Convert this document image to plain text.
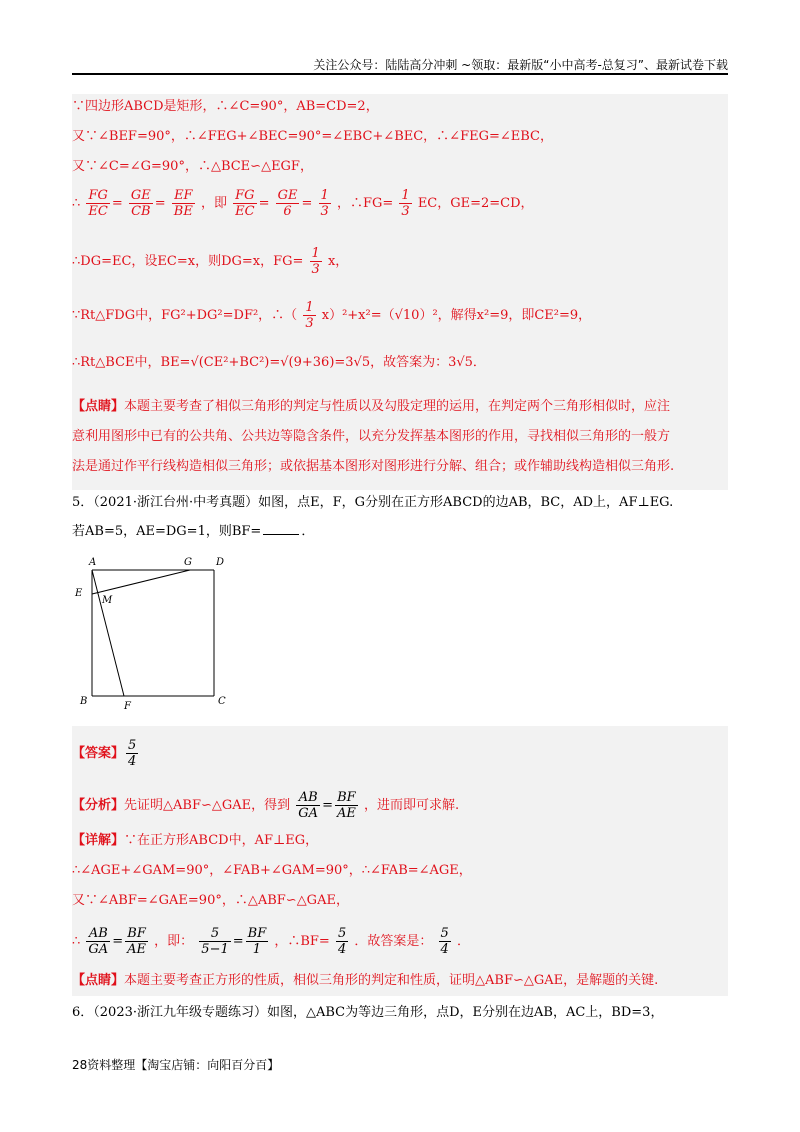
关注公众号：陆陆高分冲刺 ~领取：最新版“小中高考-总复习”、最新试卷下载
∵四边形ABCD是矩形，∴∠C=90°，AB=CD=2，
又∵∠BEF=90°，∴∠FEG+∠BEC=90°=∠EBC+∠BEC，∴∠FEG=∠EBC，
又∵∠C=∠G=90°，∴△BCE∽△EGF，
∴ $\frac{FG}{EC} = \frac{GE}{CB} = \frac{EF}{BE}$ ，即 $\frac{FG}{EC} = \frac{GE}{6} = \frac{1}{3}$ ，∴FG= $\frac{1}{3}$ EC，GE=2=CD，
∴DG=EC，设EC=x，则DG=x，$FG= \frac{1}{3}$ x，
∵Rt△FDG中，FG²+DG²=DF²，∴（ $\frac{1}{3} x)^2+x^2=(√10)^2$，解得x²=9，即CE²=9，
∴Rt△BCE中，BE=√(CE²+BC²)=√(9+36)=3√5，故答案为：3√5．
【点睛】本题主要考查了相似三角形的判定与性质以及勾股定理的运用，在判定两个三角形相似时，应注
意利用图形中已有的公共角、公共边等隐含条件，以充分发挥基本图形的作用，寻找相似三角形的一般方
法是通过作平行线构造相似三角形；或依据基本图形对图形进行分解、组合；或作辅助线构造相似三角形.
5．（2021·浙江台州·中考真题）如图，点E，F，G分别在正方形ABCD的边AB，BC，AD上，AF⊥EG.
若AB=5，AE=DG=1，则BF=	．
A	G D
E
M
B	F	C
【答案】 $\frac{5}{4}$
【分析】先证明△ABF∽△GAE，得到 $\frac{AB}{GA} = \frac{BF}{AE}$ ，进而即可求解.
【详解】∵在正方形ABCD中，AF⊥EG，
∴∠AGE+∠GAM=90°，∠FAB+∠GAM=90°，∴∠FAB=∠AGE，
又∵∠ABF=∠GAE=90°，∴△ABF∽△GAE，
∴ $\frac{AB}{GA} = \frac{BF}{AE}$ ，即： $\frac{5}{5-1} = \frac{BF}{1}$ ，∴BF= $\frac{5}{4}$ ．故答案是： $\frac{5}{4}$ ．
【点睛】本题主要考查正方形的性质，相似三角形的判定和性质，证明△ABF∽△GAE，是解题的关键.
6．（2023·浙江九年级专题练习）如图，△ABC为等边三角形，点D，E分别在边AB，AC上，BD=3，
28资料整理【淘宝店铺：向阳百分百】
